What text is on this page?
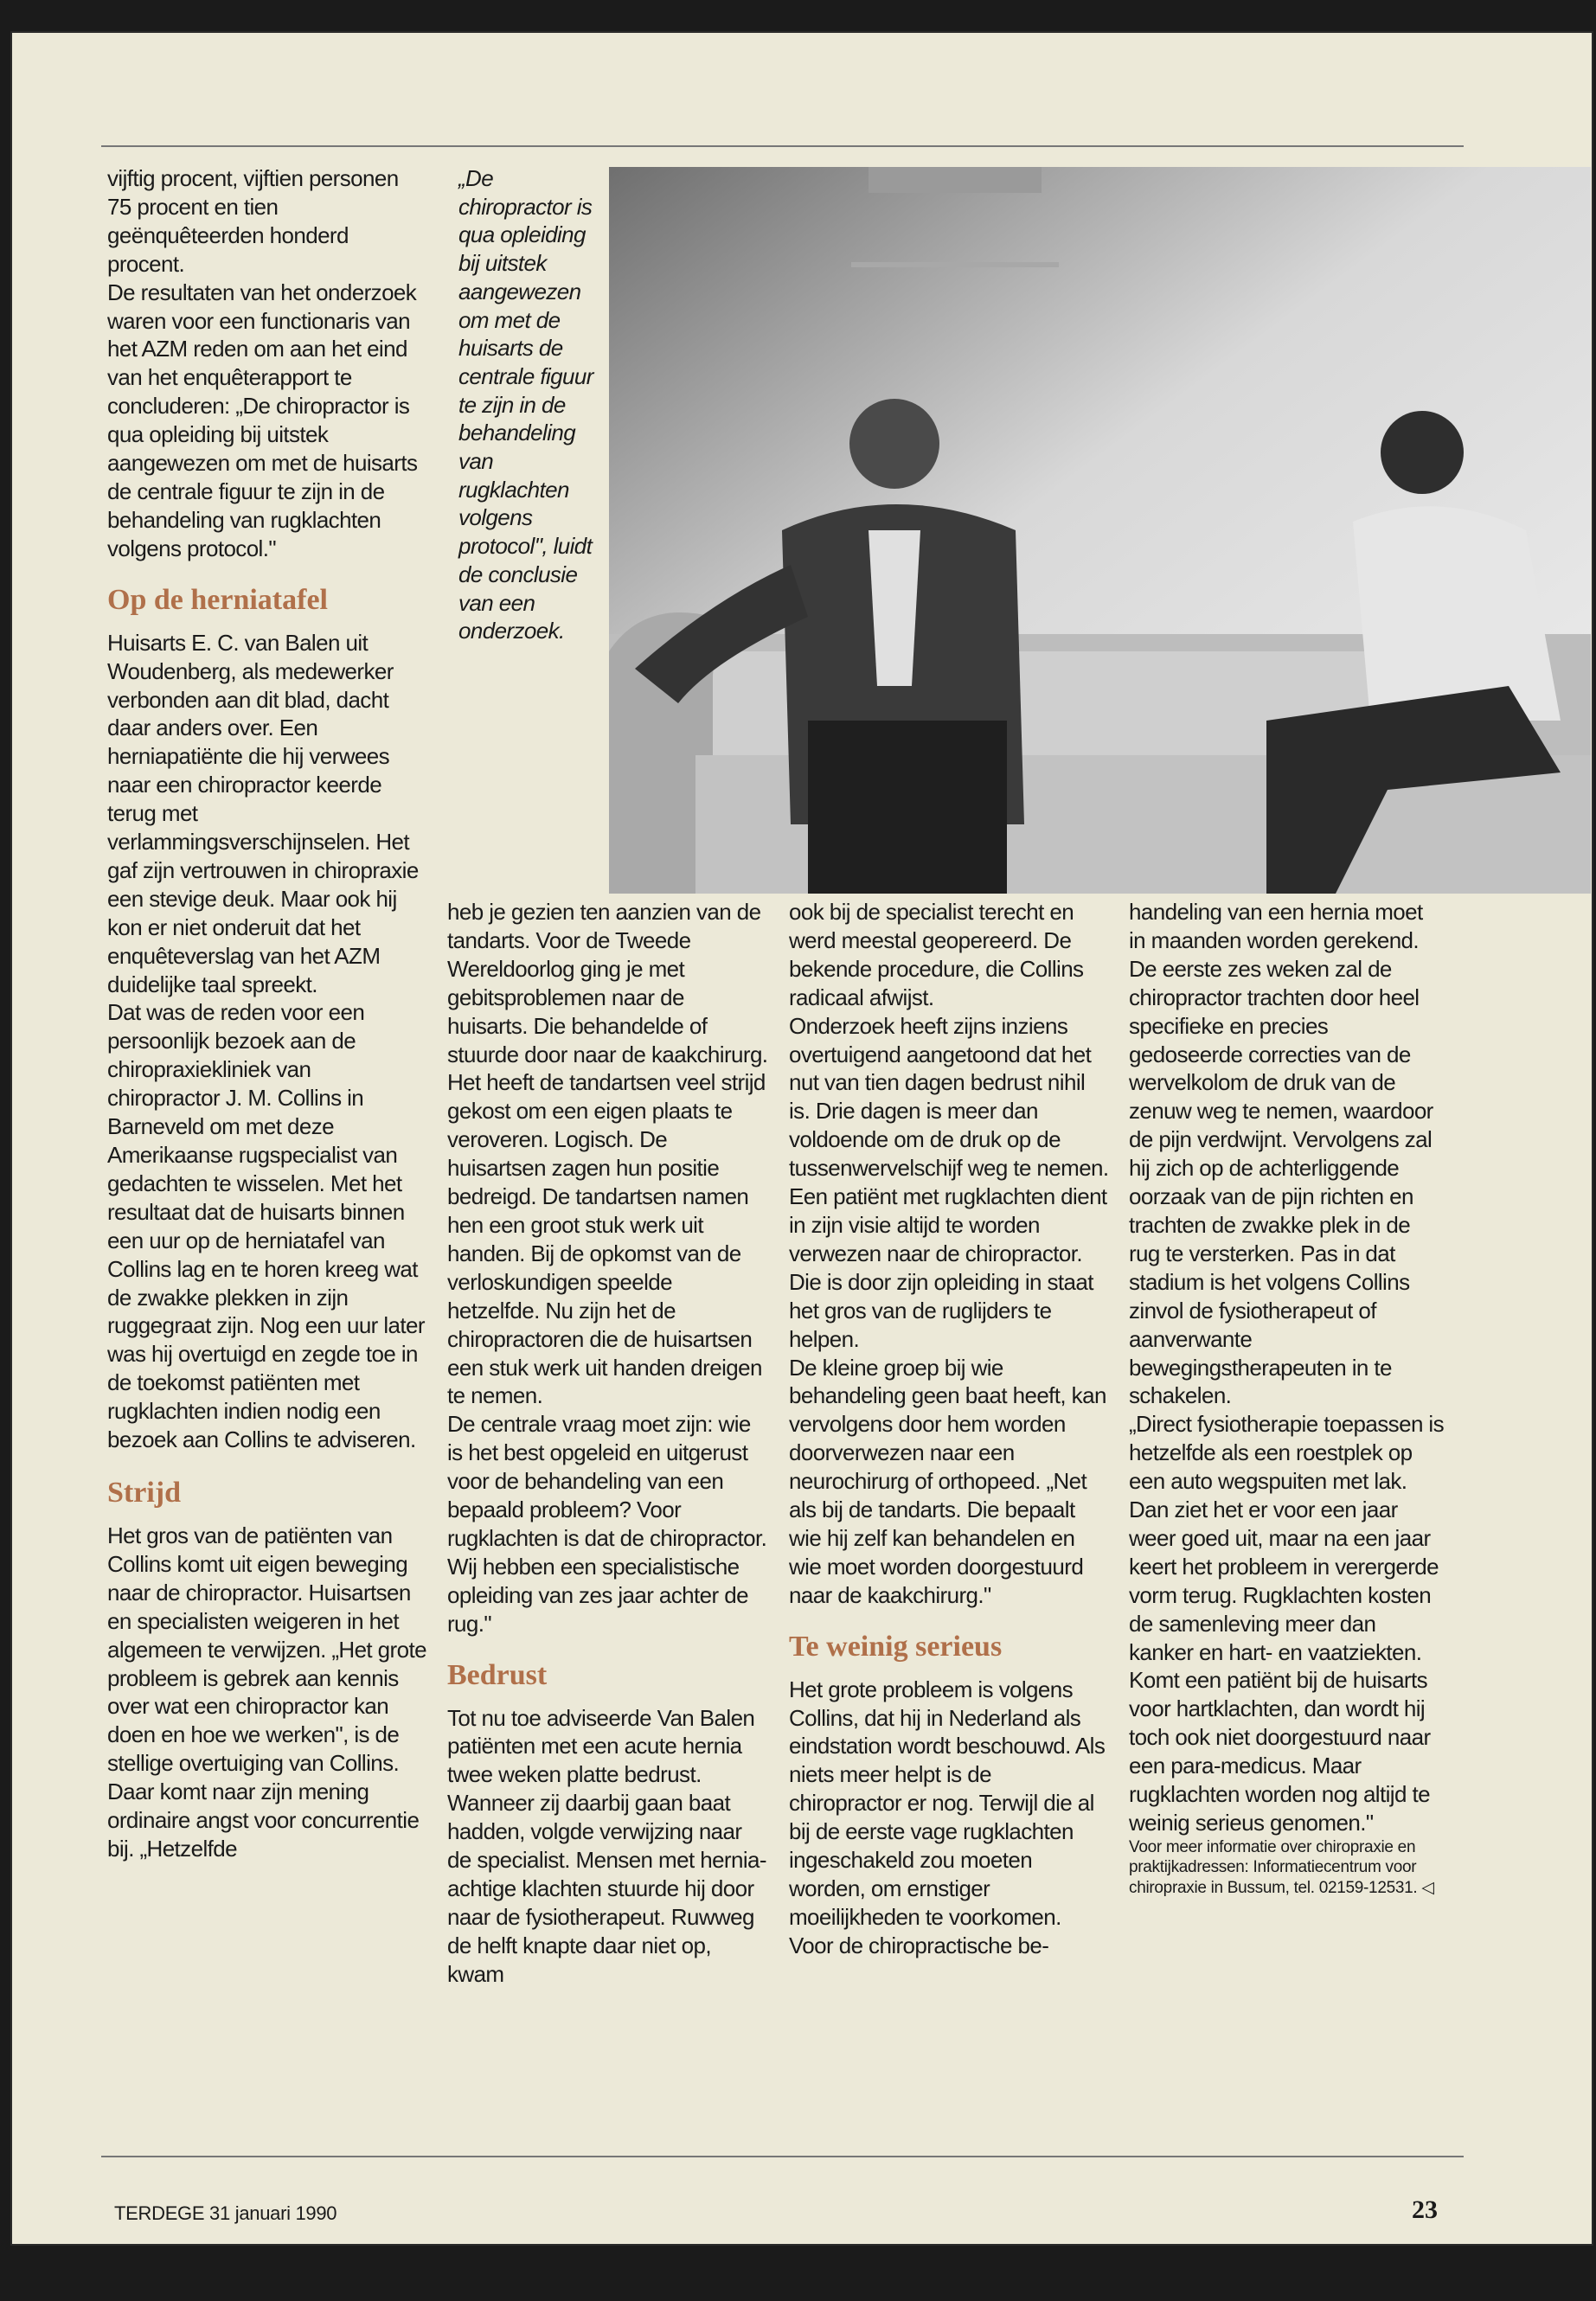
vijftig procent, vijftien personen 75 procent en tien geënquêteerden honderd procent.

De resultaten van het onderzoek waren voor een functionaris van het AZM reden om aan het eind van het enquêterapport te concluderen: „De chiropractor is qua opleiding bij uitstek aangewezen om met de huisarts de centrale figuur te zijn in de behandeling van rugklachten volgens protocol."

Op de herniatafel

Huisarts E. C. van Balen uit Woudenberg, als medewerker verbonden aan dit blad, dacht daar anders over. Een herniapatiënte die hij verwees naar een chiropractor keerde terug met verlammingsverschijnselen. Het gaf zijn vertrouwen in chiropraxie een stevige deuk. Maar ook hij kon er niet onderuit dat het enquêteverslag van het AZM duidelijke taal spreekt.

Dat was de reden voor een persoonlijk bezoek aan de chiropraxiekliniek van chiropractor J. M. Collins in Barneveld om met deze Amerikaanse rugspecialist van gedachten te wisselen. Met het resultaat dat de huisarts binnen een uur op de herniatafel van Collins lag en te horen kreeg wat de zwakke plekken in zijn ruggegraat zijn. Nog een uur later was hij overtuigd en zegde toe in de toekomst patiënten met rugklachten indien nodig een bezoek aan Collins te adviseren.

Strijd

Het gros van de patiënten van Collins komt uit eigen beweging naar de chiropractor. Huisartsen en specialisten weigeren in het algemeen te verwijzen. „Het grote probleem is gebrek aan kennis over wat een chiropractor kan doen en hoe we werken", is de stellige overtuiging van Collins. Daar komt naar zijn mening ordinaire angst voor concurrentie bij. „Hetzelfde

„De chiropractor is qua opleiding bij uitstek aangewezen om met de huisarts de centrale figuur te zijn in de behandeling van rugklachten volgens protocol", luidt de conclusie van een onderzoek.

heb je gezien ten aanzien van de tandarts. Voor de Tweede Wereldoorlog ging je met gebitsproblemen naar de huisarts. Die behandelde of stuurde door naar de kaakchirurg.

Het heeft de tandartsen veel strijd gekost om een eigen plaats te veroveren. Logisch. De huisartsen zagen hun positie bedreigd. De tandartsen namen hen een groot stuk werk uit handen. Bij de opkomst van de verloskundigen speelde hetzelfde. Nu zijn het de chiropractoren die de huisartsen een stuk werk uit handen dreigen te nemen.

De centrale vraag moet zijn: wie is het best opgeleid en uitgerust voor de behandeling van een bepaald probleem? Voor rugklachten is dat de chiropractor. Wij hebben een specialistische opleiding van zes jaar achter de rug."

Bedrust

Tot nu toe adviseerde Van Balen patiënten met een acute hernia twee weken platte bedrust. Wanneer zij daarbij gaan baat hadden, volgde verwijzing naar de specialist. Mensen met hernia-achtige klachten stuurde hij door naar de fysiotherapeut. Ruwweg de helft knapte daar niet op, kwam

ook bij de specialist terecht en werd meestal geopereerd. De bekende procedure, die Collins radicaal afwijst.

Onderzoek heeft zijns inziens overtuigend aangetoond dat het nut van tien dagen bedrust nihil is. Drie dagen is meer dan voldoende om de druk op de tussenwervelschijf weg te nemen. Een patiënt met rugklachten dient in zijn visie altijd te worden verwezen naar de chiropractor. Die is door zijn opleiding in staat het gros van de ruglijders te helpen.

De kleine groep bij wie behandeling geen baat heeft, kan vervolgens door hem worden doorverwezen naar een neurochirurg of orthopeed. „Net als bij de tandarts. Die bepaalt wie hij zelf kan behandelen en wie moet worden doorgestuurd naar de kaakchirurg."

Te weinig serieus

Het grote probleem is volgens Collins, dat hij in Nederland als eindstation wordt beschouwd. Als niets meer helpt is de chiropractor er nog. Terwijl die al bij de eerste vage rugklachten ingeschakeld zou moeten worden, om ernstiger moeilijkheden te voorkomen.

Voor de chiropractische be-

handeling van een hernia moet in maanden worden gerekend. De eerste zes weken zal de chiropractor trachten door heel specifieke en precies gedoseerde correcties van de wervelkolom de druk van de zenuw weg te nemen, waardoor de pijn verdwijnt. Vervolgens zal hij zich op de achterliggende oorzaak van de pijn richten en trachten de zwakke plek in de rug te versterken. Pas in dat stadium is het volgens Collins zinvol de fysiotherapeut of aanverwante bewegingstherapeuten in te schakelen.

„Direct fysiotherapie toepassen is hetzelfde als een roestplek op een auto wegspuiten met lak. Dan ziet het er voor een jaar weer goed uit, maar na een jaar keert het probleem in verergerde vorm terug. Rugklachten kosten de samenleving meer dan kanker en hart- en vaatziekten. Komt een patiënt bij de huisarts voor hartklachten, dan wordt hij toch ook niet doorgestuurd naar een para-medicus. Maar rugklachten worden nog altijd te weinig serieus genomen."

Voor meer informatie over chiropraxie en praktijkadressen: Informatiecentrum voor chiropraxie in Bussum, tel. 02159-12531. ◁

TERDEGE 31 januari 1990	23
